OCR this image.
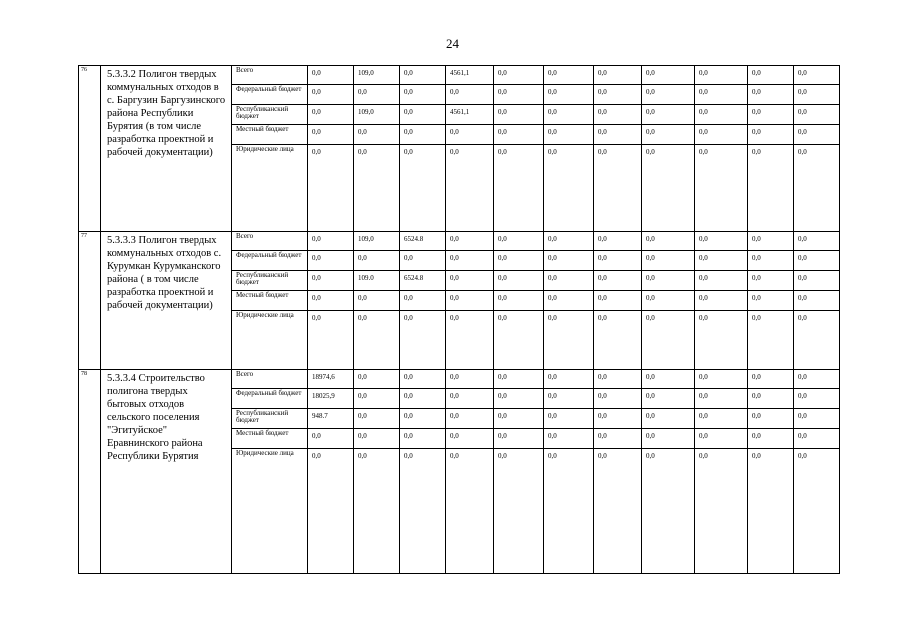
24
76	5.3.3.2 Полигон твердых коммунальных отходов в с. Баргузин Баргузинского района Республики Бурятия (в том числе разработка проектной и рабочей документации)	Всего	0,0	109,0	0,0	4561,1	0,0	0,0	0,0	0,0	0,0	0,0	0,0
		Федеральный бюджет	0,0	0,0	0,0	0,0	0,0	0,0	0,0	0,0	0,0	0,0	0,0
		Республиканский бюджет	0,0	109,0	0,0	4561,1	0,0	0,0	0,0	0,0	0,0	0,0	0,0
		Местный бюджет	0,0	0,0	0,0	0,0	0,0	0,0	0,0	0,0	0,0	0,0	0,0
		Юридические лица	0,0	0,0	0,0	0,0	0,0	0,0	0,0	0,0	0,0	0,0	0,0
77	5.3.3.3 Полигон твердых коммунальных отходов с. Курумкан Курумканского района ( в том числе разработка проектной и рабочей документации)	Всего	0,0	109,0	6524.8	0,0	0,0	0,0	0,0	0,0	0,0	0,0	0,0
		Федеральный бюджет	0,0	0,0	0,0	0,0	0,0	0,0	0,0	0,0	0,0	0,0	0,0
		Республиканский бюджет	0,0	109.0	6524.8	0,0	0,0	0,0	0,0	0,0	0,0	0,0	0,0
		Местный бюджет	0,0	0,0	0,0	0,0	0,0	0,0	0,0	0,0	0,0	0,0	0,0
		Юридические лица	0,0	0,0	0,0	0,0	0,0	0,0	0,0	0,0	0,0	0,0	0,0
78	5.3.3.4 Строительство полигона твердых бытовых отходов сельского поселения "Эгитуйское" Еравнинского района Республики Бурятия	Всего	18974,6	0,0	0,0	0,0	0,0	0,0	0,0	0,0	0,0	0,0	0,0
		Федеральный бюджет	18025,9	0,0	0,0	0,0	0,0	0,0	0,0	0,0	0,0	0,0	0,0
		Республиканский бюджет	948.7	0,0	0,0	0,0	0,0	0,0	0,0	0,0	0,0	0,0	0,0
		Местный бюджет	0,0	0,0	0,0	0,0	0,0	0,0	0,0	0,0	0,0	0,0	0,0
		Юридические лица	0,0	0,0	0,0	0,0	0,0	0,0	0,0	0,0	0,0	0,0	0,0
